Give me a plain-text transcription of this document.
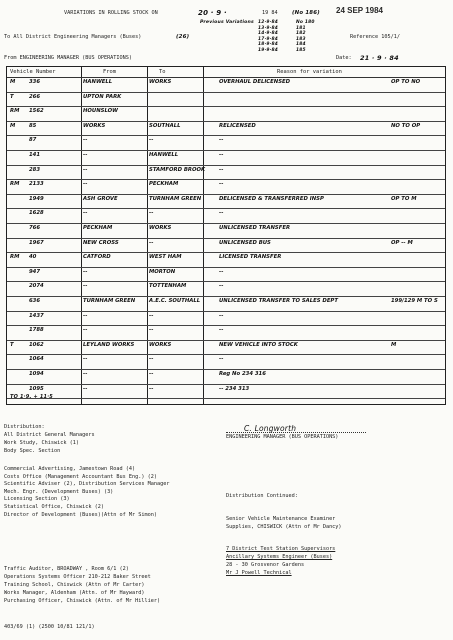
VARIATIONS IN ROLLING STOCK ON	20 · 9 ·	19 84	(No 186) 24 SEP 1984
To All District Engineering Managers (Buses)	(26)
Previous Variations 12·9·84	No 180
13·9·84	181
14·9·84	182
17·9·84	183
18·9·84	184
19·9·84	185
Reference 105/1/
From ENGINEERING MANAGER (BUS OPERATIONS)	Date: 21 · 9 · 84
Vehicle Number	From	To	Reason for variation
M	336	HANWELL	WORKS	OVERHAUL DELICENSED	OP TO NO
T	266	UPTON PARK
RM 1562	HOUNSLOW
M	85	WORKS	SOUTHALL	RELICENSED	NO TO OP
87	--	--	--
141	--	HANWELL	--
283	--	STAMFORD BROOK	--
RM 2133	--	PECKHAM	--
1949	ASH GROVE	TURNHAM GREEN	DELICENSED & TRANSFERRED INSP	OP TO M
1628	--	--	--
766	PECKHAM	WORKS	UNLICENSED TRANSFER
1967	NEW CROSS	--	UNLICENSED BUS	OP -- M
RM 40	CATFORD	WEST HAM	LICENSED TRANSFER
947	--	MORTON	--
2074	--	TOTTENHAM	--
636	TURNHAM GREEN	A.E.C. SOUTHALL	UNLICENSED TRANSFER TO SALES DEPT	199/129 M TO S
1437	--	--	--
1788	--	--	--
T	1062	LEYLAND WORKS	WORKS	NEW VEHICLE INTO STOCK	M
1064	--	--	--
1094	--	--	Reg No 234 316
1095	--	--	-- 234 313
TO 1·9. + 11·5
C. Longworth
ENGINEERING MANAGER (BUS OPERATIONS)
Distribution:
All District General Managers
Work Study, Chiswick (1)
Body Spec. Section
Commercial Advertising, Jamestown Road (4)
Costs Office (Management Accountant Bus Eng.) (2)
Scientific Adviser (2), Distribution Services Manager
Mech. Engr. (Development Buses) (3)
Licensing Section (3)
Statistical Office, Chiswick (2)
Director of Development (Buses)(Attn of Mr Simon)
Traffic Auditor, BROADWAY , Room 6/1 (2)
Operations Systems Officer 210-212 Baker Street
Training School, Chiswick (Attn of Mr Carter)
Works Manager, Aldenham (Attn. of Mr Hayward)
Purchasing Officer, Chiswick (Attn. of Mr Hillier)
Distribution Continued:
Senior Vehicle Maintenance Examiner
Supplies, CHISWICK (Attn of Mr Dancy)
7 District Test Station Supervisors
Ancillary Systems Engineer (Buses)
28 - 30 Grosvenor Gardens
Mr J Powell Technical
403/69 (1) (2500 10/81 121/1)
